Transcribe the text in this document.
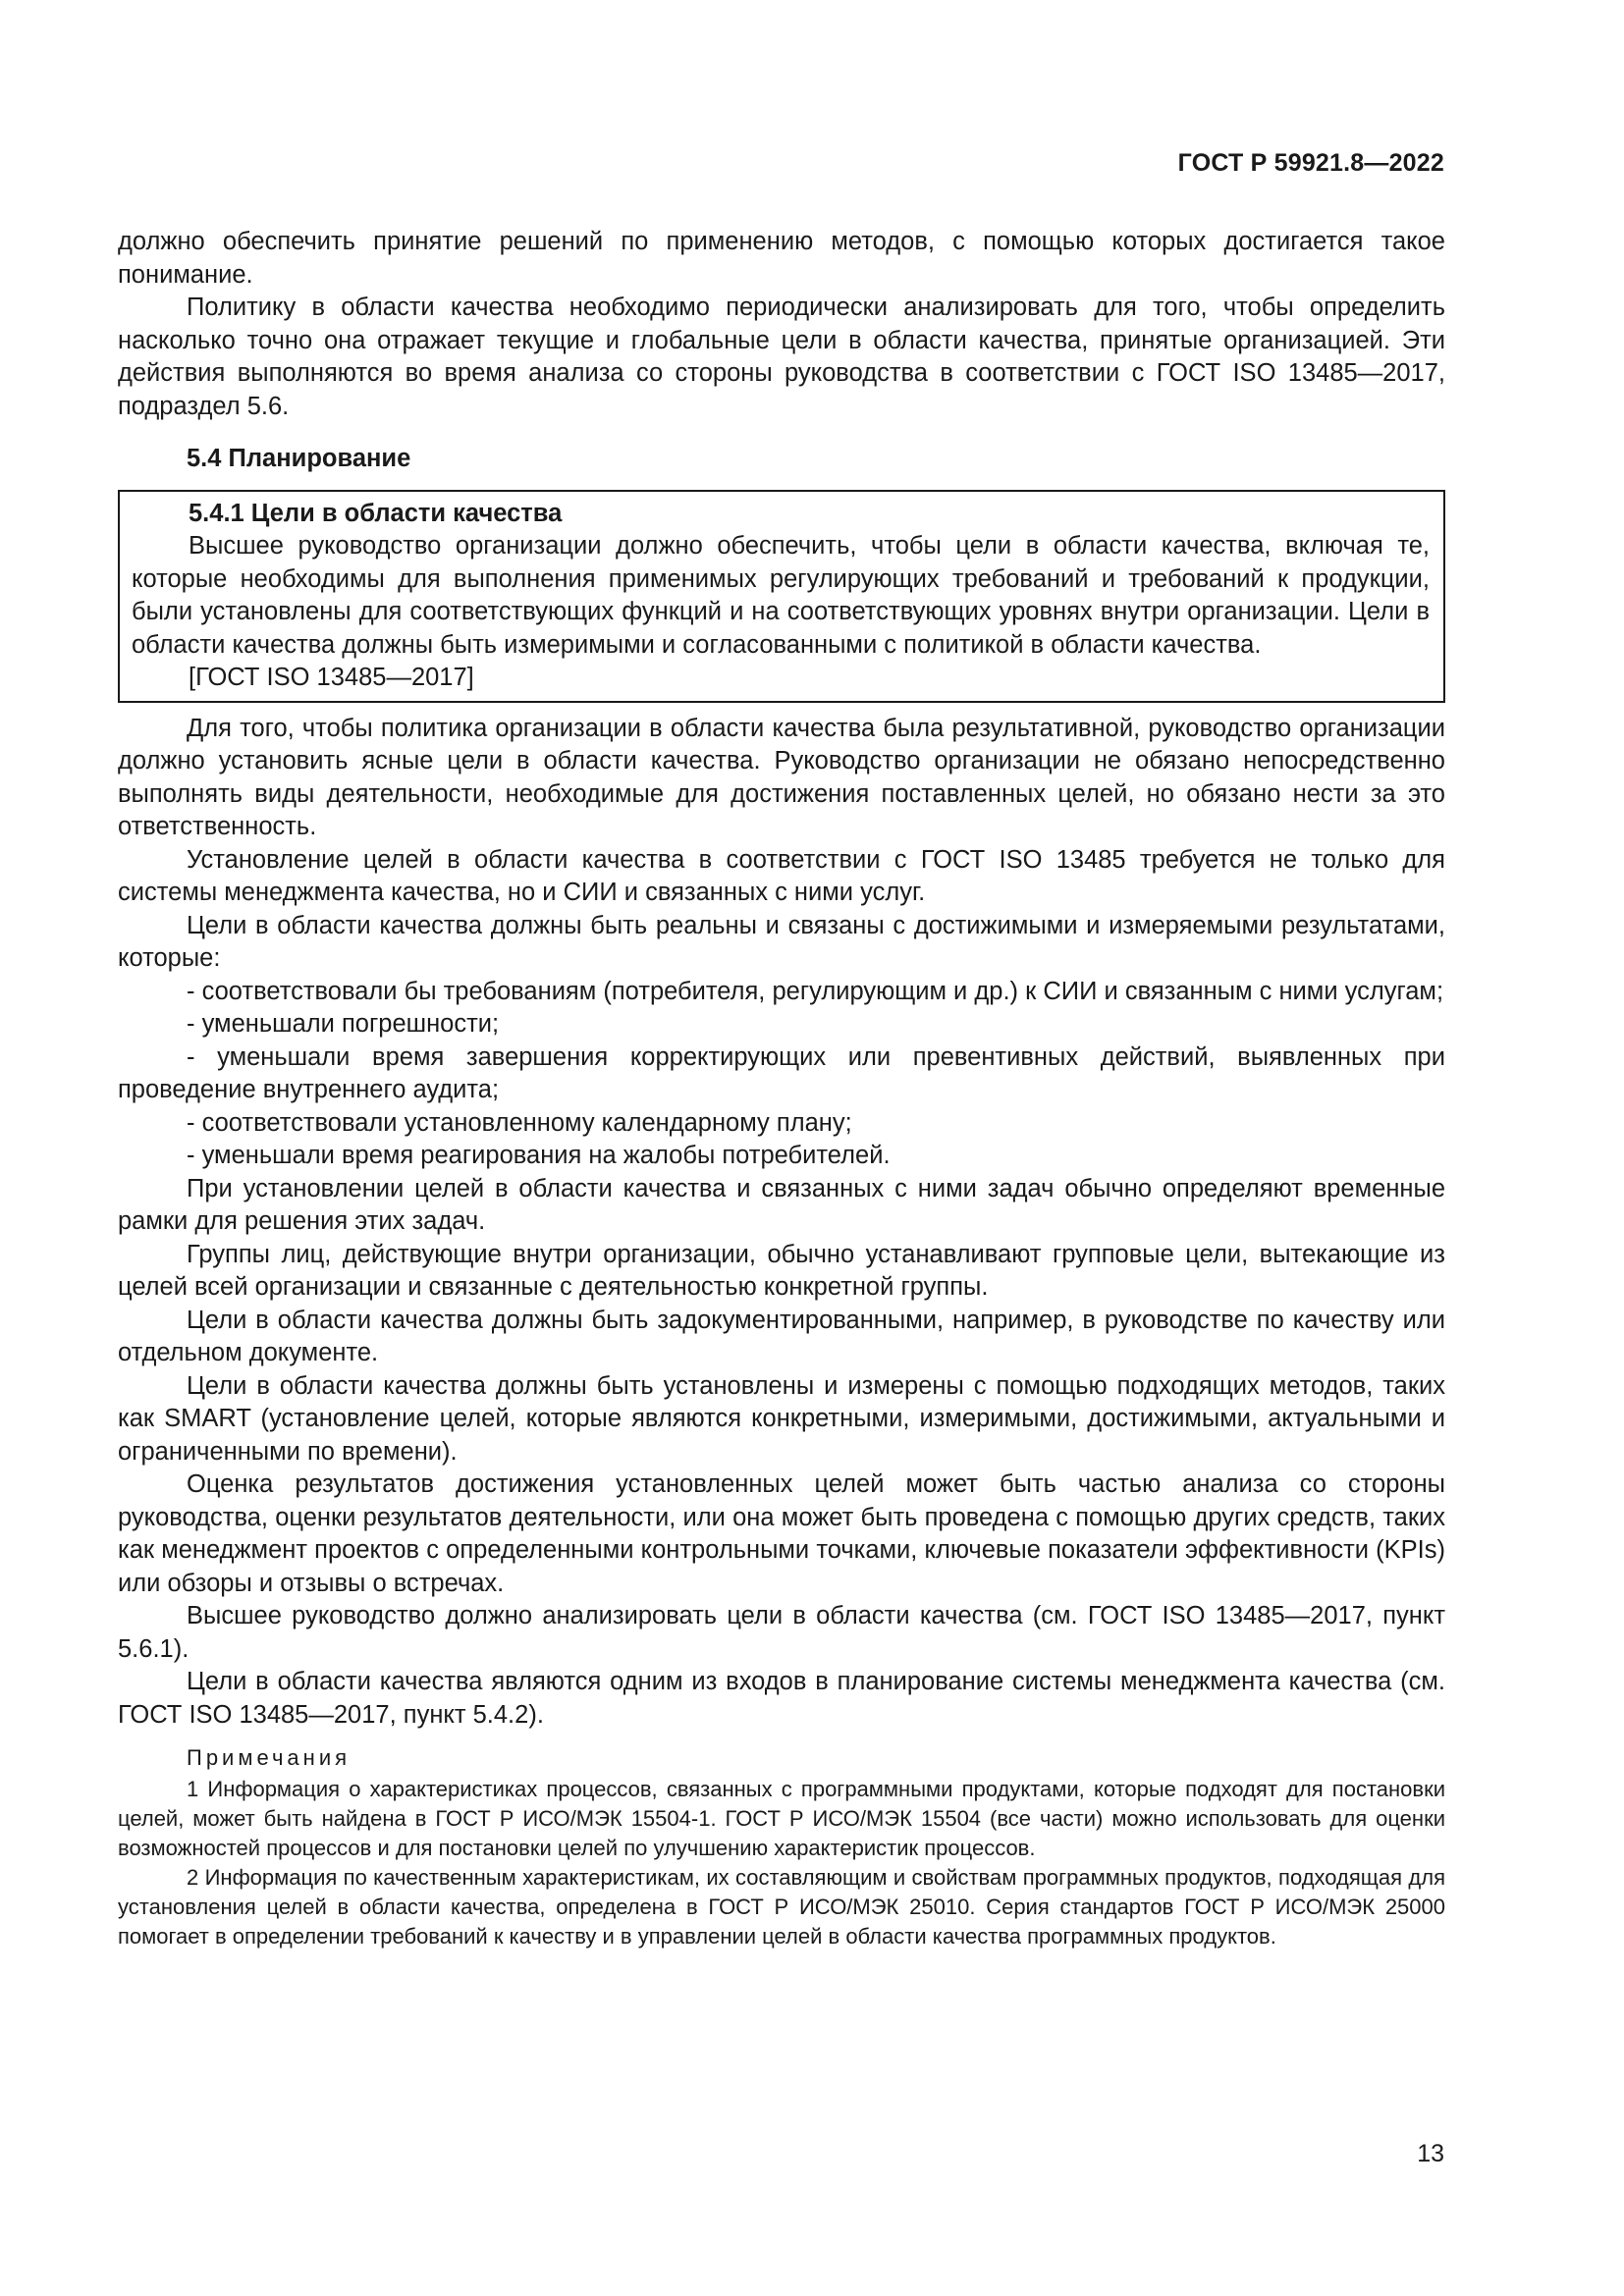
ГОСТ Р 59921.8—2022

должно обеспечить принятие решений по применению методов, с помощью которых достигается такое понимание.

Политику в области качества необходимо периодически анализировать для того, чтобы определить насколько точно она отражает текущие и глобальные цели в области качества, принятые организацией. Эти действия выполняются во время анализа со стороны руководства в соответствии с ГОСТ ISO 13485—2017, подраздел 5.6.

5.4 Планирование

5.4.1 Цели в области качества

Высшее руководство организации должно обеспечить, чтобы цели в области качества, включая те, которые необходимы для выполнения применимых регулирующих требований и требований к продукции, были установлены для соответствующих функций и на соответствующих уровнях внутри организации. Цели в области качества должны быть измеримыми и согласованными с политикой в области качества.

[ГОСТ ISO 13485—2017]

Для того, чтобы политика организации в области качества была результативной, руководство организации должно установить ясные цели в области качества. Руководство организации не обязано непосредственно выполнять виды деятельности, необходимые для достижения поставленных целей, но обязано нести за это ответственность.

Установление целей в области качества в соответствии с ГОСТ ISO 13485 требуется не только для системы менеджмента качества, но и СИИ и связанных с ними услуг.

Цели в области качества должны быть реальны и связаны с достижимыми и измеряемыми результатами, которые:

- соответствовали бы требованиям (потребителя, регулирующим и др.) к СИИ и связанным с ними услугам;

- уменьшали погрешности;

- уменьшали время завершения корректирующих или превентивных действий, выявленных при проведение внутреннего аудита;

- соответствовали установленному календарному плану;

- уменьшали время реагирования на жалобы потребителей.

При установлении целей в области качества и связанных с ними задач обычно определяют временные рамки для решения этих задач.

Группы лиц, действующие внутри организации, обычно устанавливают групповые цели, вытекающие из целей всей организации и связанные с деятельностью конкретной группы.

Цели в области качества должны быть задокументированными, например, в руководстве по качеству или отдельном документе.

Цели в области качества должны быть установлены и измерены с помощью подходящих методов, таких как SMART (установление целей, которые являются конкретными, измеримыми, достижимыми, актуальными и ограниченными по времени).

Оценка результатов достижения установленных целей может быть частью анализа со стороны руководства, оценки результатов деятельности, или она может быть проведена с помощью других средств, таких как менеджмент проектов с определенными контрольными точками, ключевые показатели эффективности (KPIs) или обзоры и отзывы о встречах.

Высшее руководство должно анализировать цели в области качества (см. ГОСТ ISO 13485—2017, пункт 5.6.1).

Цели в области качества являются одним из входов в планирование системы менеджмента качества (см. ГОСТ ISO 13485—2017, пункт 5.4.2).

Примечания

1 Информация о характеристиках процессов, связанных с программными продуктами, которые подходят для постановки целей, может быть найдена в ГОСТ Р ИСО/МЭК 15504-1. ГОСТ Р ИСО/МЭК 15504 (все части) можно использовать для оценки возможностей процессов и для постановки целей по улучшению характеристик процессов.

2 Информация по качественным характеристикам, их составляющим и свойствам программных продуктов, подходящая для установления целей в области качества, определена в ГОСТ Р ИСО/МЭК 25010. Серия стандартов ГОСТ Р ИСО/МЭК 25000 помогает в определении требований к качеству и в управлении целей в области качества программных продуктов.

13
